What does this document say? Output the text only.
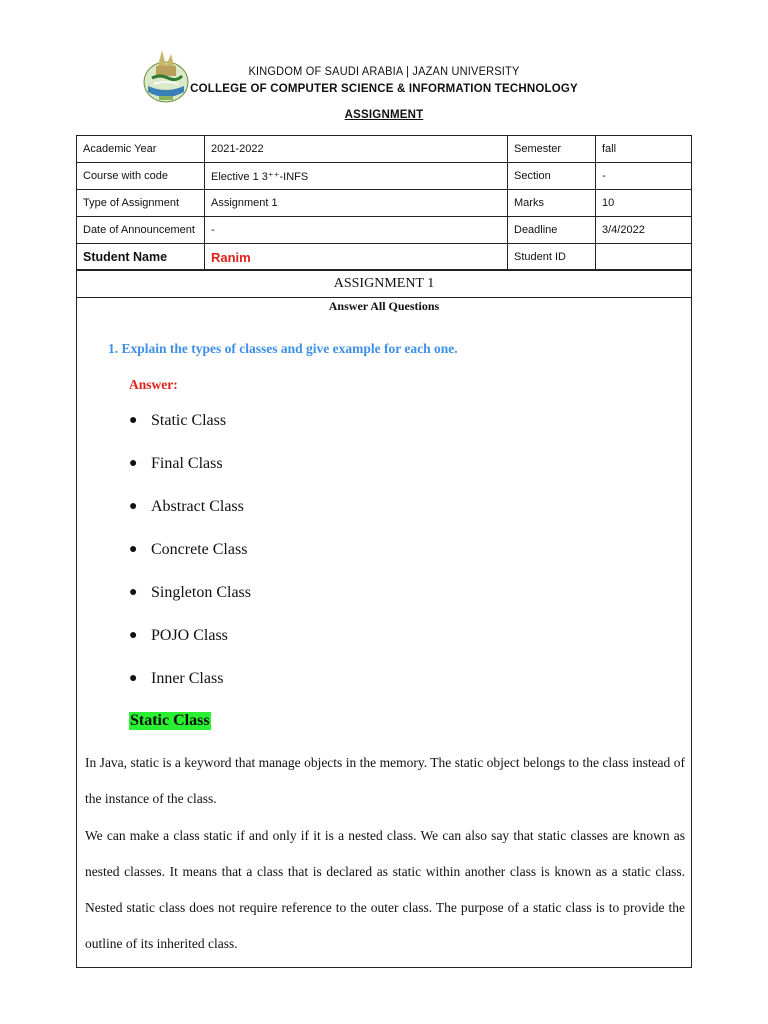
KINGDOM OF SAUDI ARABIA | JAZAN UNIVERSITY
COLLEGE OF COMPUTER SCIENCE & INFORMATION TECHNOLOGY
ASSIGNMENT
Academic Year	2021-2022	Semester	fall
Course with code	Elective 1 3⁺⁺-INFS	Section	-
Type of Assignment	Assignment 1	Marks	10
Date of Announcement	-	Deadline	3/4/2022
Student Name	Ranim	Student ID	
ASSIGNMENT 1
Answer All Questions
1. Explain the types of classes and give example for each one.
Answer:
● Static Class
● Final Class
● Abstract Class
● Concrete Class
● Singleton Class
● POJO Class
● Inner Class
Static Class
In Java, static is a keyword that manage objects in the memory. The static object belongs to the class instead of the instance of the class.
We can make a class static if and only if it is a nested class. We can also say that static classes are known as nested classes. It means that a class that is declared as static within another class is known as a static class. Nested static class does not require reference to the outer class. The purpose of a static class is to provide the outline of its inherited class.
